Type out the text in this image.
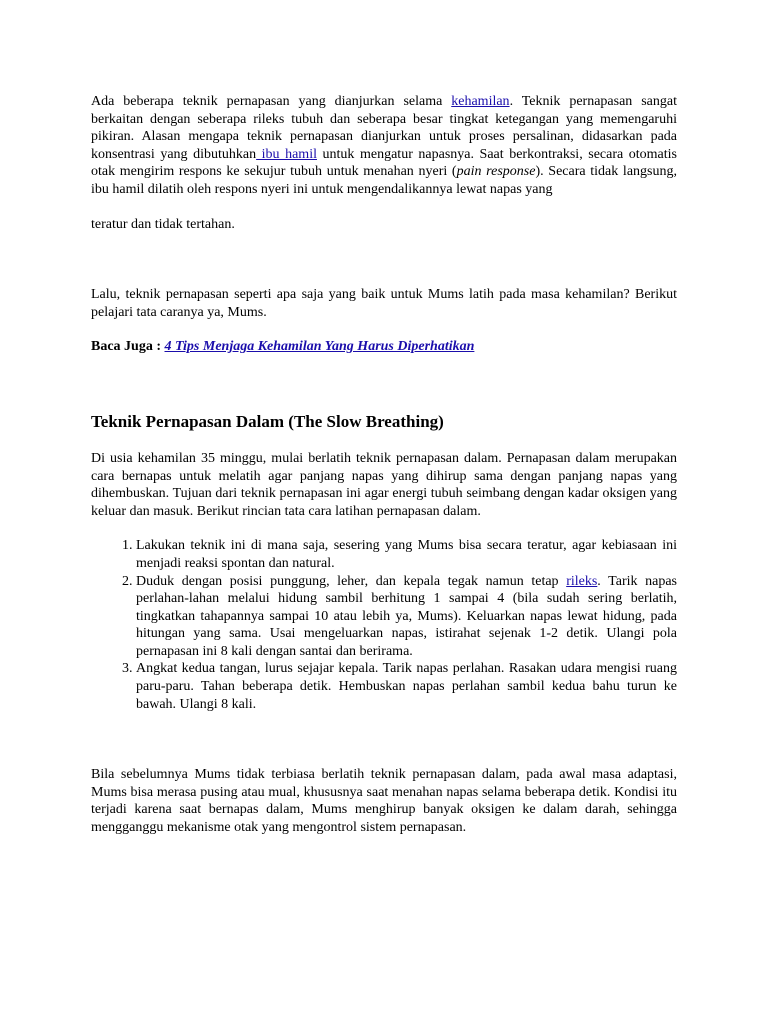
Ada beberapa teknik pernapasan yang dianjurkan selama kehamilan. Teknik pernapasan sangat berkaitan dengan seberapa rileks tubuh dan seberapa besar tingkat ketegangan yang memengaruhi pikiran. Alasan mengapa teknik pernapasan dianjurkan untuk proses persalinan, didasarkan pada konsentrasi yang dibutuhkan ibu hamil untuk mengatur napasnya. Saat berkontraksi, secara otomatis otak mengirim respons ke sekujur tubuh untuk menahan nyeri (pain response). Secara tidak langsung, ibu hamil dilatih oleh respons nyeri ini untuk mengendalikannya lewat napas yang

teratur dan tidak tertahan.

Lalu, teknik pernapasan seperti apa saja yang baik untuk Mums latih pada masa kehamilan? Berikut pelajari tata caranya ya, Mums.

Baca Juga : 4 Tips Menjaga Kehamilan Yang Harus Diperhatikan

Teknik Pernapasan Dalam (The Slow Breathing)

Di usia kehamilan 35 minggu, mulai berlatih teknik pernapasan dalam. Pernapasan dalam merupakan cara bernapas untuk melatih agar panjang napas yang dihirup sama dengan panjang napas yang dihembuskan. Tujuan dari teknik pernapasan ini agar energi tubuh seimbang dengan kadar oksigen yang keluar dan masuk. Berikut rincian tata cara latihan pernapasan dalam.

1. Lakukan teknik ini di mana saja, sesering yang Mums bisa secara teratur, agar kebiasaan ini menjadi reaksi spontan dan natural.
2. Duduk dengan posisi punggung, leher, dan kepala tegak namun tetap rileks. Tarik napas perlahan-lahan melalui hidung sambil berhitung 1 sampai 4 (bila sudah sering berlatih, tingkatkan tahapannya sampai 10 atau lebih ya, Mums). Keluarkan napas lewat hidung, pada hitungan yang sama. Usai mengeluarkan napas, istirahat sejenak 1-2 detik. Ulangi pola pernapasan ini 8 kali dengan santai dan berirama.
3. Angkat kedua tangan, lurus sejajar kepala. Tarik napas perlahan. Rasakan udara mengisi ruang paru-paru. Tahan beberapa detik. Hembuskan napas perlahan sambil kedua bahu turun ke bawah. Ulangi 8 kali.

Bila sebelumnya Mums tidak terbiasa berlatih teknik pernapasan dalam, pada awal masa adaptasi, Mums bisa merasa pusing atau mual, khususnya saat menahan napas selama beberapa detik. Kondisi itu terjadi karena saat bernapas dalam, Mums menghirup banyak oksigen ke dalam darah, sehingga mengganggu mekanisme otak yang mengontrol sistem pernapasan.
